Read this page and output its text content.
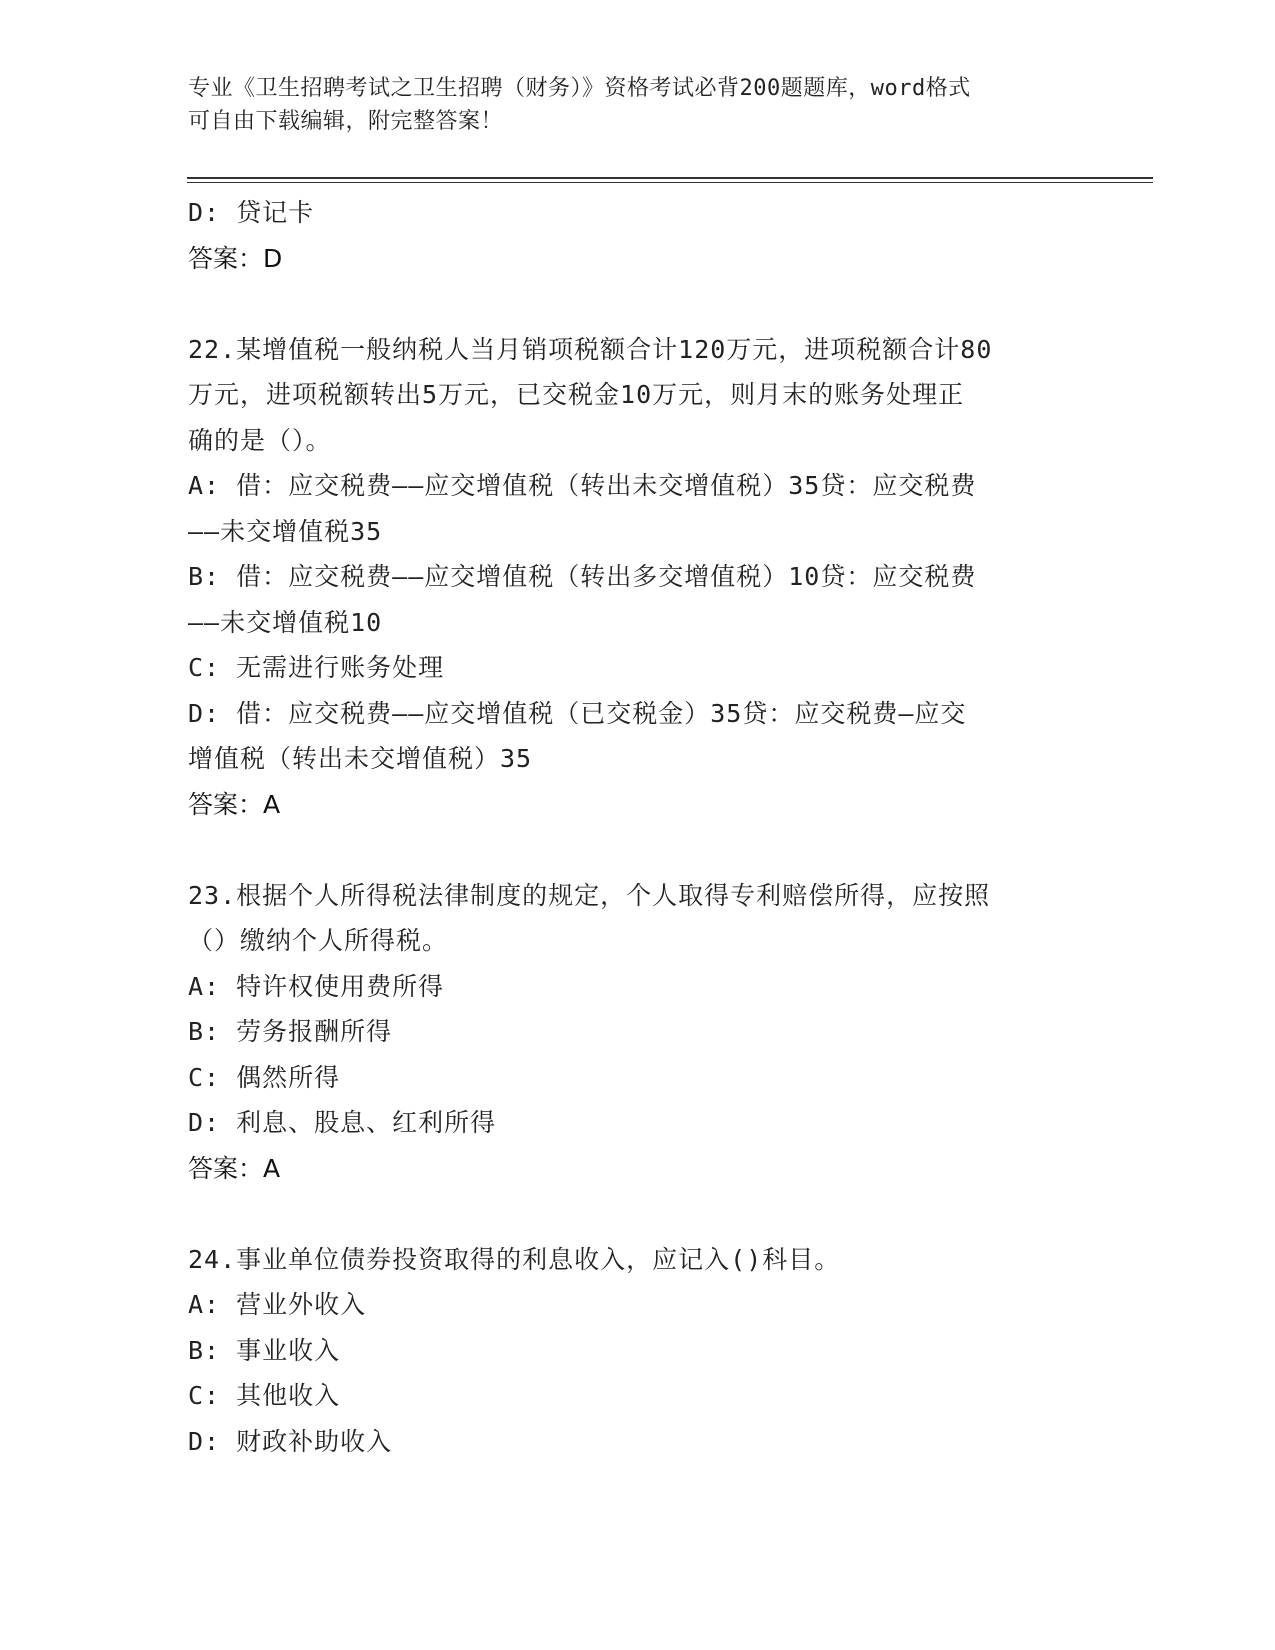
专业《卫生招聘考试之卫生招聘（财务）》资格考试必背200题题库，word格式
可自由下载编辑，附完整答案！
D: 贷记卡
答案：D
22.某增值税一般纳税人当月销项税额合计120万元，进项税额合计80
万元，进项税额转出5万元，已交税金10万元，则月末的账务处理正
确的是（）。
A: 借：应交税费——应交增值税（转出未交增值税）35贷：应交税费
——未交增值税35
B: 借：应交税费——应交增值税（转出多交增值税）10贷：应交税费
——未交增值税10
C: 无需进行账务处理
D: 借：应交税费——应交增值税（已交税金）35贷：应交税费—应交
增值税（转出未交增值税）35
答案：A
23.根据个人所得税法律制度的规定，个人取得专利赔偿所得，应按照
（）缴纳个人所得税。
A: 特许权使用费所得
B: 劳务报酬所得
C: 偶然所得
D: 利息、股息、红利所得
答案：A
24.事业单位债券投资取得的利息收入，应记入()科目。
A: 营业外收入
B: 事业收入
C: 其他收入
D: 财政补助收入
